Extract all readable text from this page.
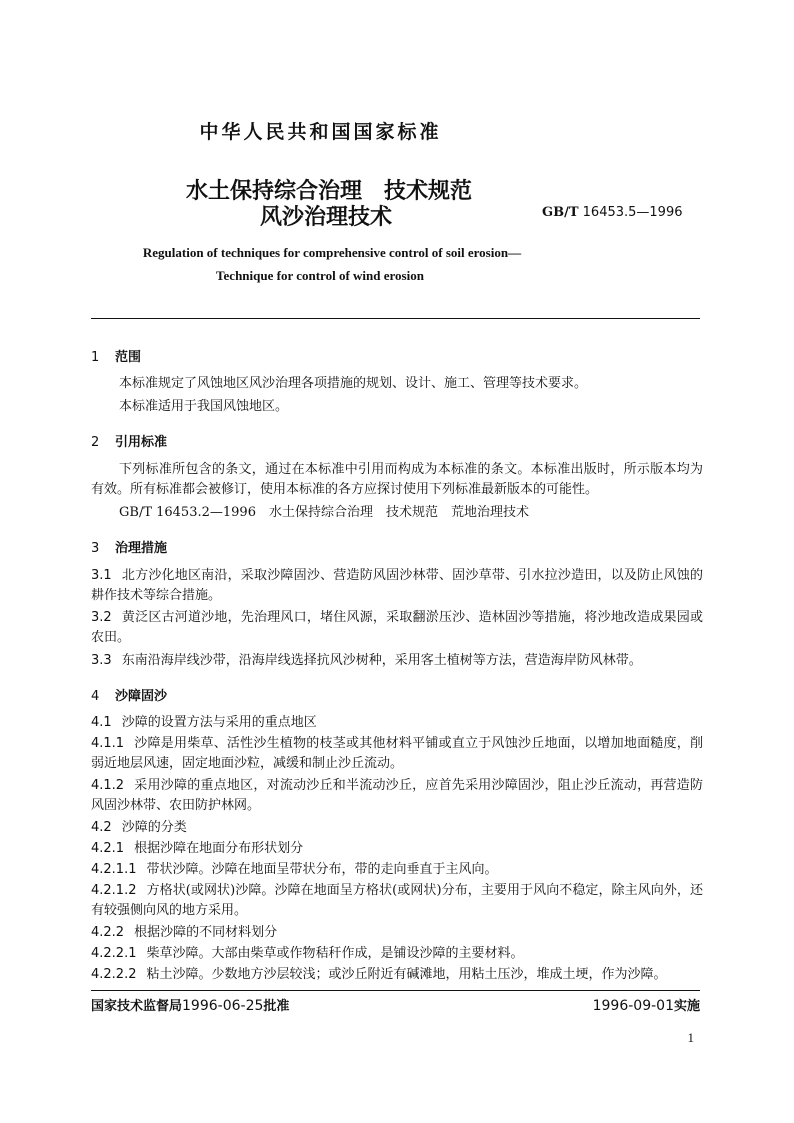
中华人民共和国国家标准
水土保持综合治理 技术规范
风沙治理技术	GB/T 16453.5—1996
Regulation of techniques for comprehensive control of soil erosion—
Technique for control of wind erosion
1 范围
本标准规定了风蚀地区风沙治理各项措施的规划、设计、施工、管理等技术要求。
本标准适用于我国风蚀地区。
2 引用标准
下列标准所包含的条文，通过在本标准中引用而构成为本标准的条文。本标准出版时，所示版本均为有效。所有标准都会被修订，使用本标准的各方应探讨使用下列标准最新版本的可能性。
GB/T 16453.2—1996　水土保持综合治理　技术规范　荒地治理技术
3 治理措施
3.1 北方沙化地区南沿，采取沙障固沙、营造防风固沙林带、固沙草带、引水拉沙造田，以及防止风蚀的耕作技术等综合措施。
3.2 黄泛区古河道沙地，先治理风口，堵住风源，采取翻淤压沙、造林固沙等措施，将沙地改造成果园或农田。
3.3 东南沿海岸线沙带，沿海岸线选择抗风沙树种，采用客土植树等方法，营造海岸防风林带。
4 沙障固沙
4.1 沙障的设置方法与采用的重点地区
4.1.1 沙障是用柴草、活性沙生植物的枝茎或其他材料平铺或直立于风蚀沙丘地面，以增加地面糙度，削弱近地层风速，固定地面沙粒，减缓和制止沙丘流动。
4.1.2 采用沙障的重点地区，对流动沙丘和半流动沙丘，应首先采用沙障固沙，阻止沙丘流动，再营造防风固沙林带、农田防护林网。
4.2 沙障的分类
4.2.1 根据沙障在地面分布形状划分
4.2.1.1 带状沙障。沙障在地面呈带状分布，带的走向垂直于主风向。
4.2.1.2 方格状(或网状)沙障。沙障在地面呈方格状(或网状)分布，主要用于风向不稳定，除主风向外，还有较强侧向风的地方采用。
4.2.2 根据沙障的不同材料划分
4.2.2.1 柴草沙障。大部由柴草或作物秸秆作成，是铺设沙障的主要材料。
4.2.2.2 粘土沙障。少数地方沙层较浅；或沙丘附近有碱滩地，用粘土压沙，堆成土埂，作为沙障。
国家技术监督局1996-06-25批准	1996-09-01实施
1
